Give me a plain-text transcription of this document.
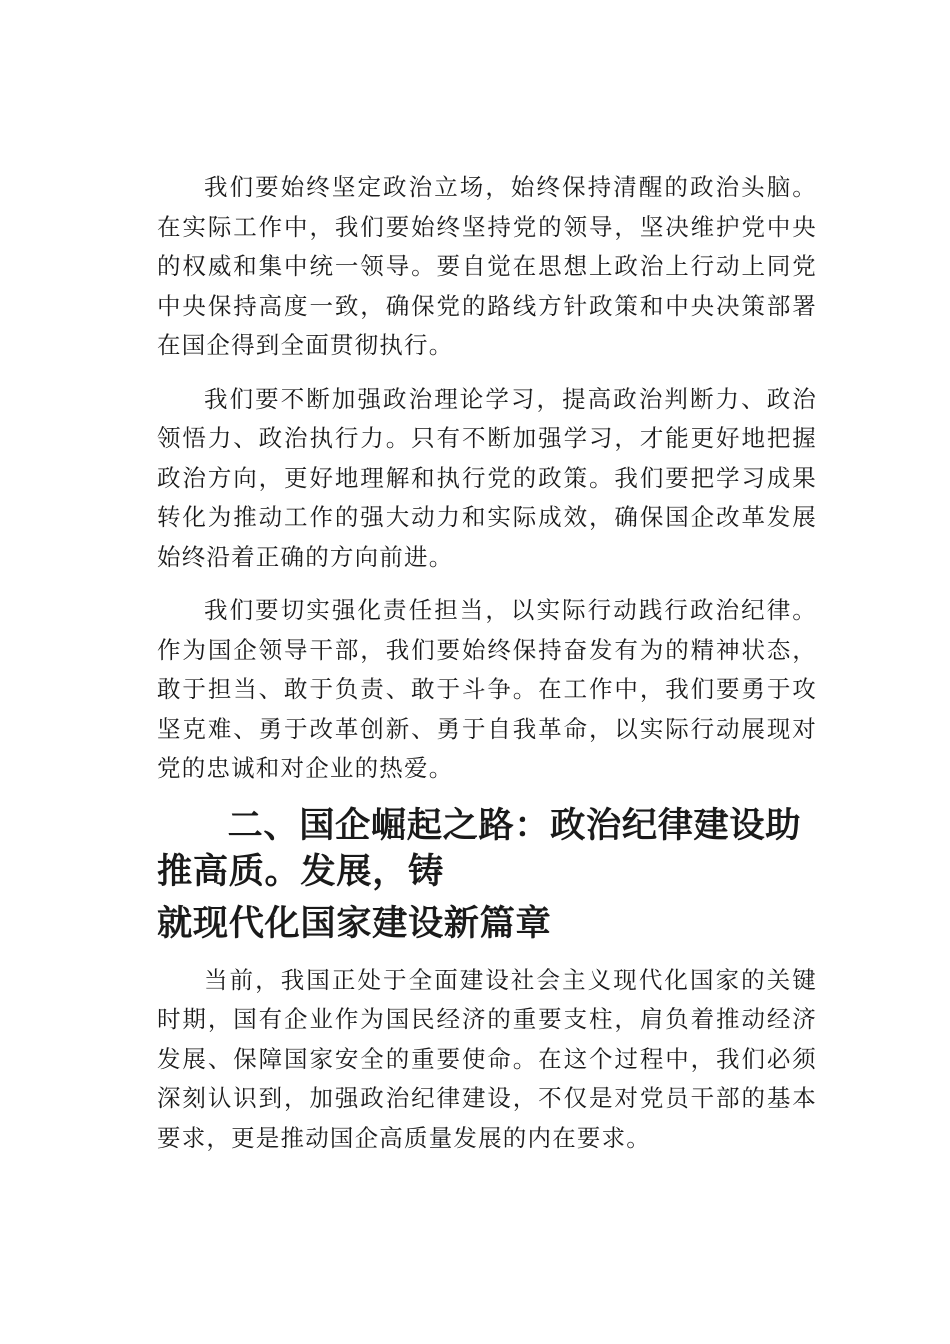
我们要始终坚定政治立场，始终保持清醒的政治头脑。在实际工作中，我们要始终坚持党的领导，坚决维护党中央的权威和集中统一领导。要自觉在思想上政治上行动上同党中央保持高度一致，确保党的路线方针政策和中央决策部署在国企得到全面贯彻执行。

我们要不断加强政治理论学习，提高政治判断力、政治领悟力、政治执行力。只有不断加强学习，才能更好地把握政治方向，更好地理解和执行党的政策。我们要把学习成果转化为推动工作的强大动力和实际成效，确保国企改革发展始终沿着正确的方向前进。

我们要切实强化责任担当，以实际行动践行政治纪律。作为国企领导干部，我们要始终保持奋发有为的精神状态，敢于担当、敢于负责、敢于斗争。在工作中，我们要勇于攻坚克难、勇于改革创新、勇于自我革命，以实际行动展现对党的忠诚和对企业的热爱。

二、国企崛起之路：政治纪律建设助推高质。发展，铸
就现代化国家建设新篇章

当前，我国正处于全面建设社会主义现代化国家的关键时期，国有企业作为国民经济的重要支柱，肩负着推动经济发展、保障国家安全的重要使命。在这个过程中，我们必须深刻认识到，加强政治纪律建设，不仅是对党员干部的基本要求，更是推动国企高质量发展的内在要求。
